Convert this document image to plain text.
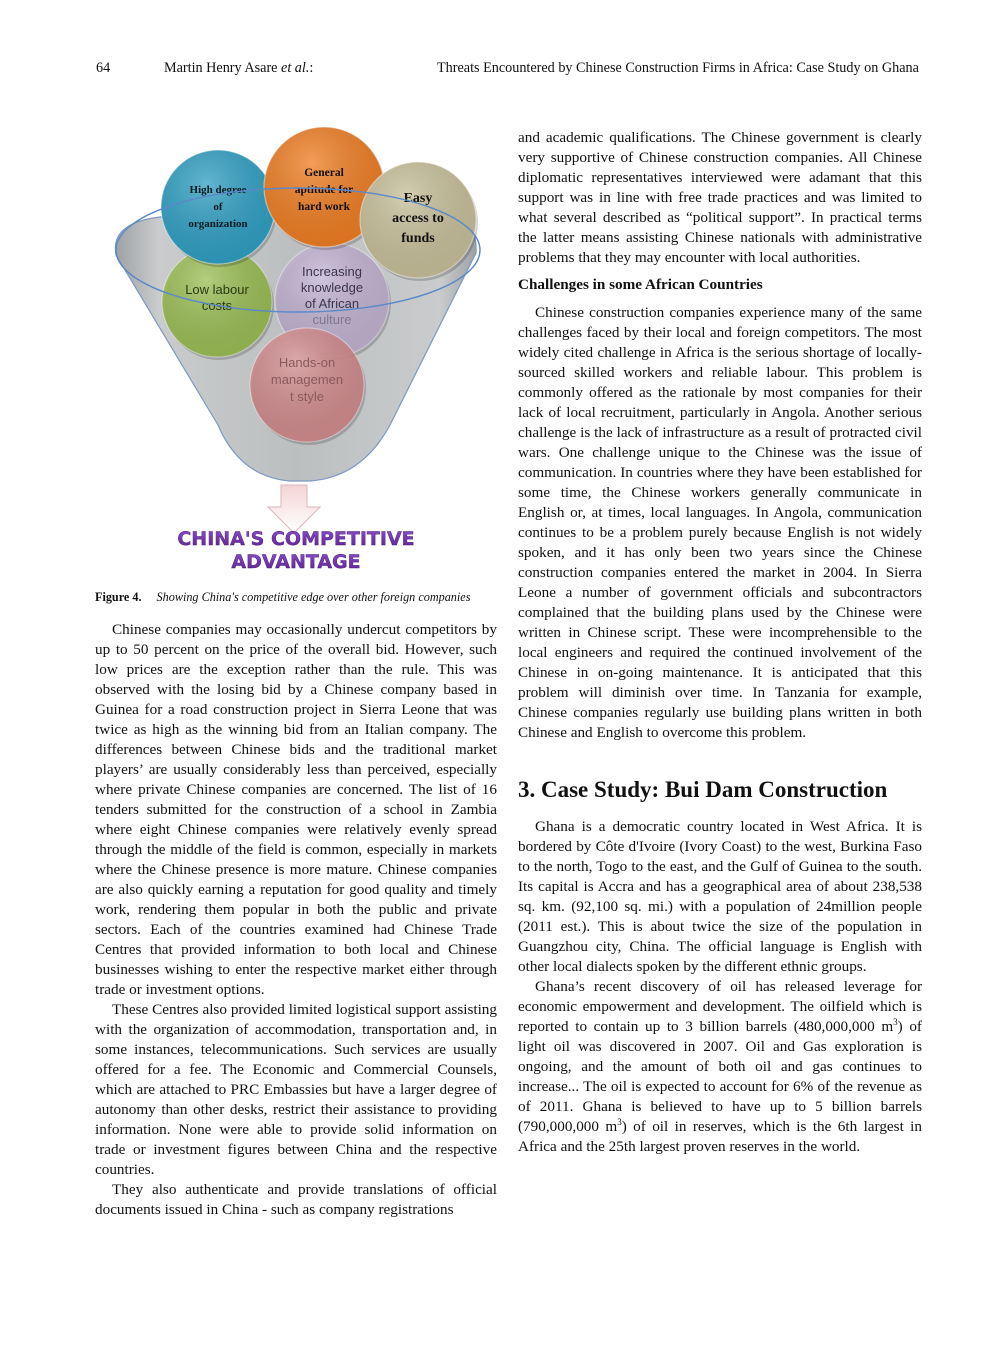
64	Martin Henry Asare et al.:	Threats Encountered by Chinese Construction Firms in Africa: Case Study on Ghana
Low labour
costs
Increasing
knowledge
of African
culture
Hands-on
managemen
t style
High degree
of
organization
General
aptitude for
hard work
Easy
access to
funds
CHINA'S COMPETITIVE
ADVANTAGE
Figure 4. Showing China's competitive edge over other foreign companies

Chinese companies may occasionally undercut competitors by up to 50 percent on the price of the overall bid. However, such low prices are the exception rather than the rule. This was observed with the losing bid by a Chinese company based in Guinea for a road construction project in Sierra Leone that was twice as high as the winning bid from an Italian company. The differences between Chinese bids and the traditional market players’ are usually considerably less than perceived, especially where private Chinese companies are concerned. The list of 16 tenders submitted for the construction of a school in Zambia where eight Chinese companies were relatively evenly spread through the middle of the field is common, especially in markets where the Chinese presence is more mature. Chinese companies are also quickly earning a reputation for good quality and timely work, rendering them popular in both the public and private sectors. Each of the countries examined had Chinese Trade Centres that provided information to both local and Chinese businesses wishing to enter the respective market either through trade or investment options.

These Centres also provided limited logistical support assisting with the organization of accommodation, transportation and, in some instances, telecommunications. Such services are usually offered for a fee. The Economic and Commercial Counsels, which are attached to PRC Embassies but have a larger degree of autonomy than other desks, restrict their assistance to providing information. None were able to provide solid information on trade or investment figures between China and the respective countries.

They also authenticate and provide translations of official documents issued in China - such as company registrations

and academic qualifications. The Chinese government is clearly very supportive of Chinese construction companies. All Chinese diplomatic representatives interviewed were adamant that this support was in line with free trade practices and was limited to what several described as “political support”. In practical terms the latter means assisting Chinese nationals with administrative problems that they may encounter with local authorities.

Challenges in some African Countries

Chinese construction companies experience many of the same challenges faced by their local and foreign competitors. The most widely cited challenge in Africa is the serious shortage of locally-sourced skilled workers and reliable labour. This problem is commonly offered as the rationale by most companies for their lack of local recruitment, particularly in Angola. Another serious challenge is the lack of infrastructure as a result of protracted civil wars. One challenge unique to the Chinese was the issue of communication. In countries where they have been established for some time, the Chinese workers generally communicate in English or, at times, local languages. In Angola, communication continues to be a problem purely because English is not widely spoken, and it has only been two years since the Chinese construction companies entered the market in 2004. In Sierra Leone a number of government officials and subcontractors complained that the building plans used by the Chinese were written in Chinese script. These were incomprehensible to the local engineers and required the continued involvement of the Chinese in on-going maintenance. It is anticipated that this problem will diminish over time. In Tanzania for example, Chinese companies regularly use building plans written in both Chinese and English to overcome this problem.

3. Case Study: Bui Dam Construction

Ghana is a democratic country located in West Africa. It is bordered by Côte d'Ivoire (Ivory Coast) to the west, Burkina Faso to the north, Togo to the east, and the Gulf of Guinea to the south. Its capital is Accra and has a geographical area of about 238,538 sq. km. (92,100 sq. mi.) with a population of 24million people (2011 est.). This is about twice the size of the population in Guangzhou city, China. The official language is English with other local dialects spoken by the different ethnic groups.

Ghana’s recent discovery of oil has released leverage for economic empowerment and development. The oilfield which is reported to contain up to 3 billion barrels (480,000,000 $m^3$) of light oil was discovered in 2007. Oil and Gas exploration is ongoing, and the amount of both oil and gas continues to increase... The oil is expected to account for 6% of the revenue as of 2011. Ghana is believed to have up to 5 billion barrels (790,000,000 $m^3$) of oil in reserves, which is the 6th largest in Africa and the 25th largest proven reserves in the world.
